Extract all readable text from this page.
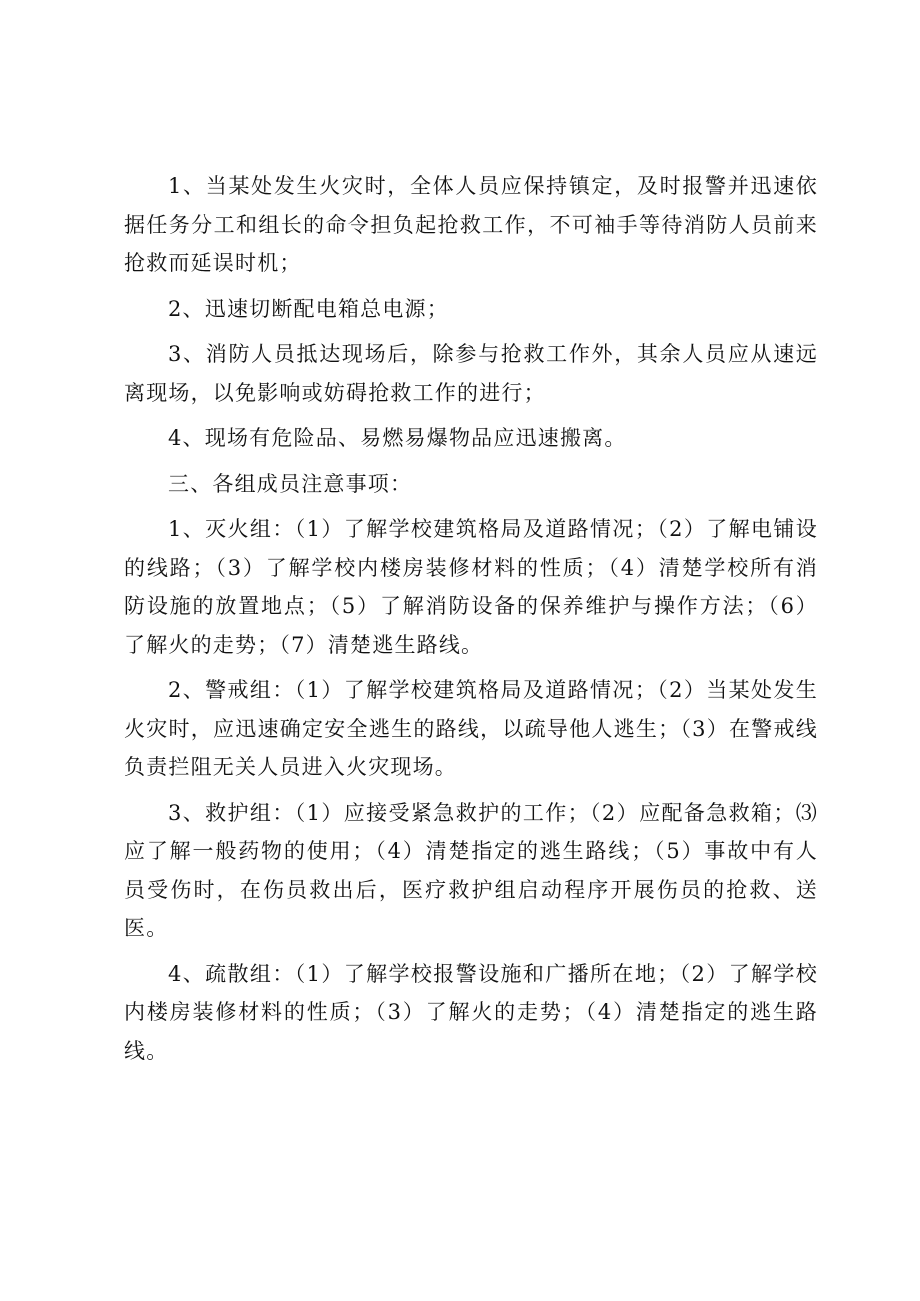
1、当某处发生火灾时，全体人员应保持镇定，及时报警并迅速依据任务分工和组长的命令担负起抢救工作，不可袖手等待消防人员前来抢救而延误时机；

2、迅速切断配电箱总电源；

3、消防人员抵达现场后，除参与抢救工作外，其余人员应从速远离现场，以免影响或妨碍抢救工作的进行；

4、现场有危险品、易燃易爆物品应迅速搬离。

三、各组成员注意事项：

1、灭火组：（1）了解学校建筑格局及道路情况；（2）了解电铺设的线路；（3）了解学校内楼房装修材料的性质；（4）清楚学校所有消防设施的放置地点；（5）了解消防设备的保养维护与操作方法；（6）了解火的走势；（7）清楚逃生路线。

2、警戒组：（1）了解学校建筑格局及道路情况；（2）当某处发生火灾时，应迅速确定安全逃生的路线，以疏导他人逃生；（3）在警戒线负责拦阻无关人员进入火灾现场。

3、救护组：（1）应接受紧急救护的工作；（2）应配备急救箱；⑶应了解一般药物的使用；（4）清楚指定的逃生路线；（5）事故中有人员受伤时，在伤员救出后，医疗救护组启动程序开展伤员的抢救、送医。

4、疏散组：（1）了解学校报警设施和广播所在地；（2）了解学校内楼房装修材料的性质；（3）了解火的走势；（4）清楚指定的逃生路线。
